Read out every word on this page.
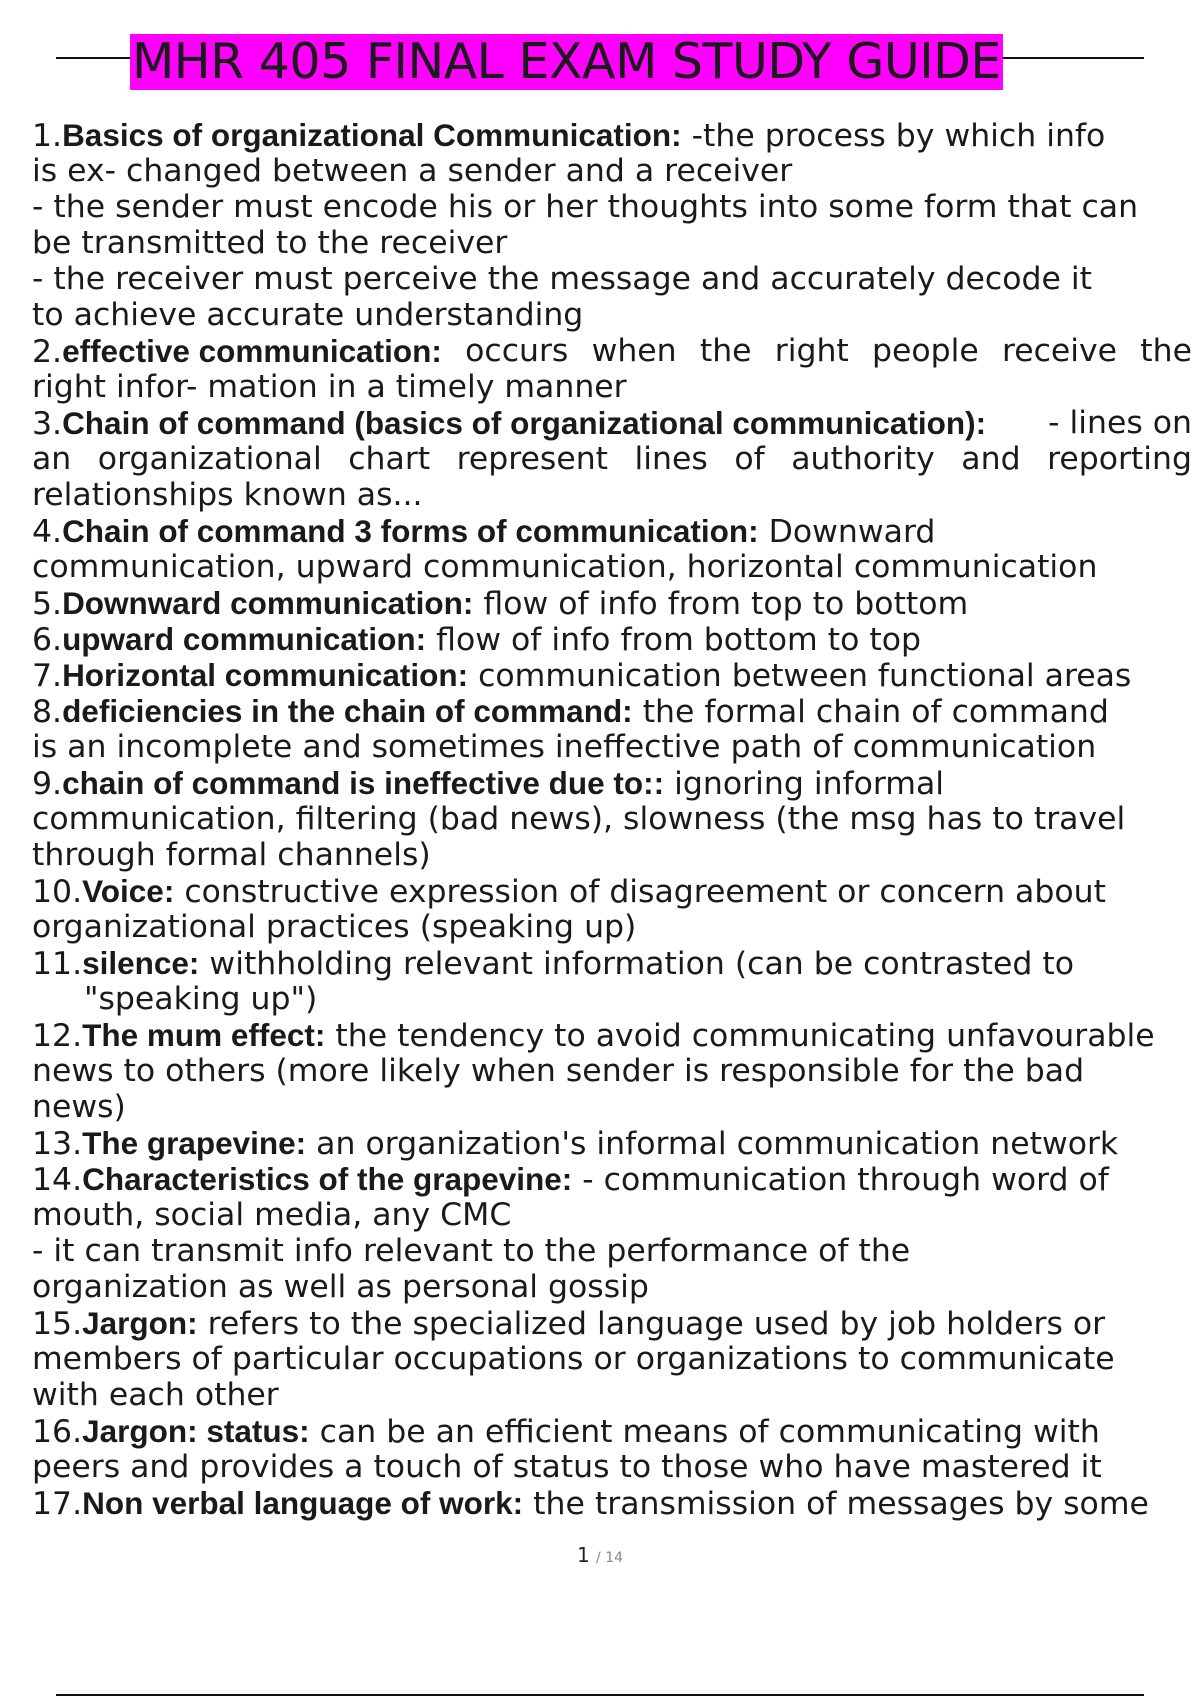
MHR 405 FINAL EXAM STUDY GUIDE
1.Basics of organizational Communication: -the process by which info
is ex- changed between a sender and a receiver
- the sender must encode his or her thoughts into some form that can
be transmitted to the receiver
- the receiver must perceive the message and accurately decode it
to achieve accurate understanding
2.effective communication: occurs when the right people receive the
right infor- mation in a timely manner
3.Chain of command (basics of organizational communication): - lines on
an organizational chart represent lines of authority and reporting
relationships known as...
4.Chain of command 3 forms of communication: Downward
communication, upward communication, horizontal communication
5.Downward communication: flow of info from top to bottom
6.upward communication: flow of info from bottom to top
7.Horizontal communication: communication between functional areas
8.deficiencies in the chain of command: the formal chain of command
is an incomplete and sometimes ineffective path of communication
9.chain of command is ineffective due to:: ignoring informal
communication, filtering (bad news), slowness (the msg has to travel
through formal channels)
10.Voice: constructive expression of disagreement or concern about
organizational practices (speaking up)
11.silence: withholding relevant information (can be contrasted to
"speaking up")
12.The mum effect: the tendency to avoid communicating unfavourable
news to others (more likely when sender is responsible for the bad
news)
13.The grapevine: an organization's informal communication network
14.Characteristics of the grapevine: - communication through word of
mouth, social media, any CMC
- it can transmit info relevant to the performance of the
organization as well as personal gossip
15.Jargon: refers to the specialized language used by job holders or
members of particular occupations or organizations to communicate
with each other
16.Jargon: status: can be an efficient means of communicating with
peers and provides a touch of status to those who have mastered it
17.Non verbal language of work: the transmission of messages by some
1 / 14
